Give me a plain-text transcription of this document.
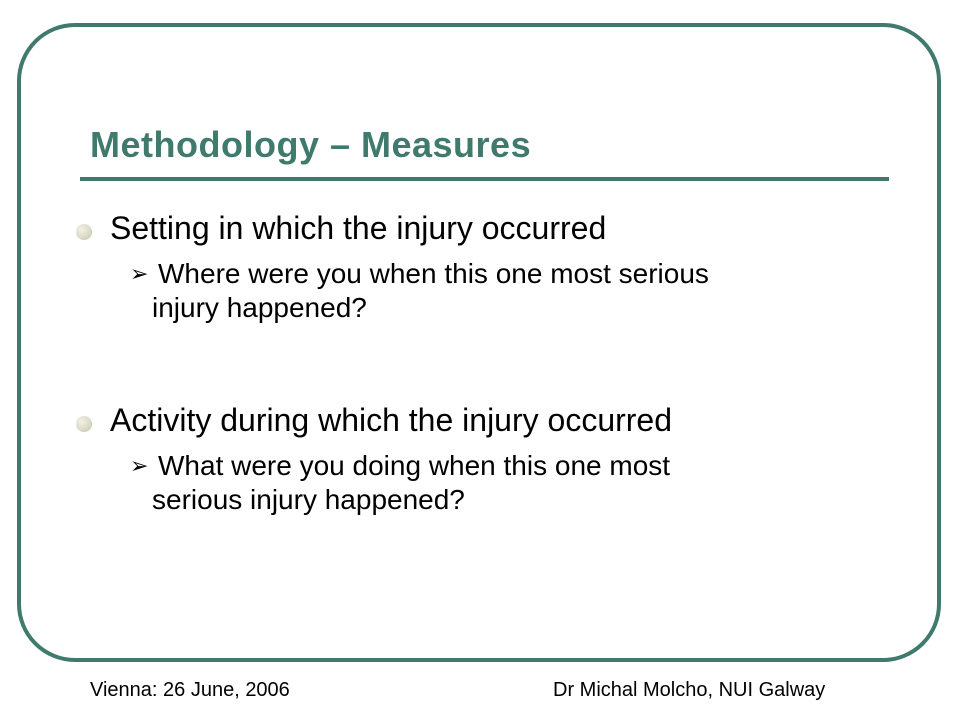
Methodology – Measures
Setting in which the injury occurred
➢ Where were you when this one most serious
injury happened?
Activity during which the injury occurred
➢ What were you doing when this one most
serious injury happened?
Vienna: 26 June, 2006	Dr Michal Molcho, NUI Galway
